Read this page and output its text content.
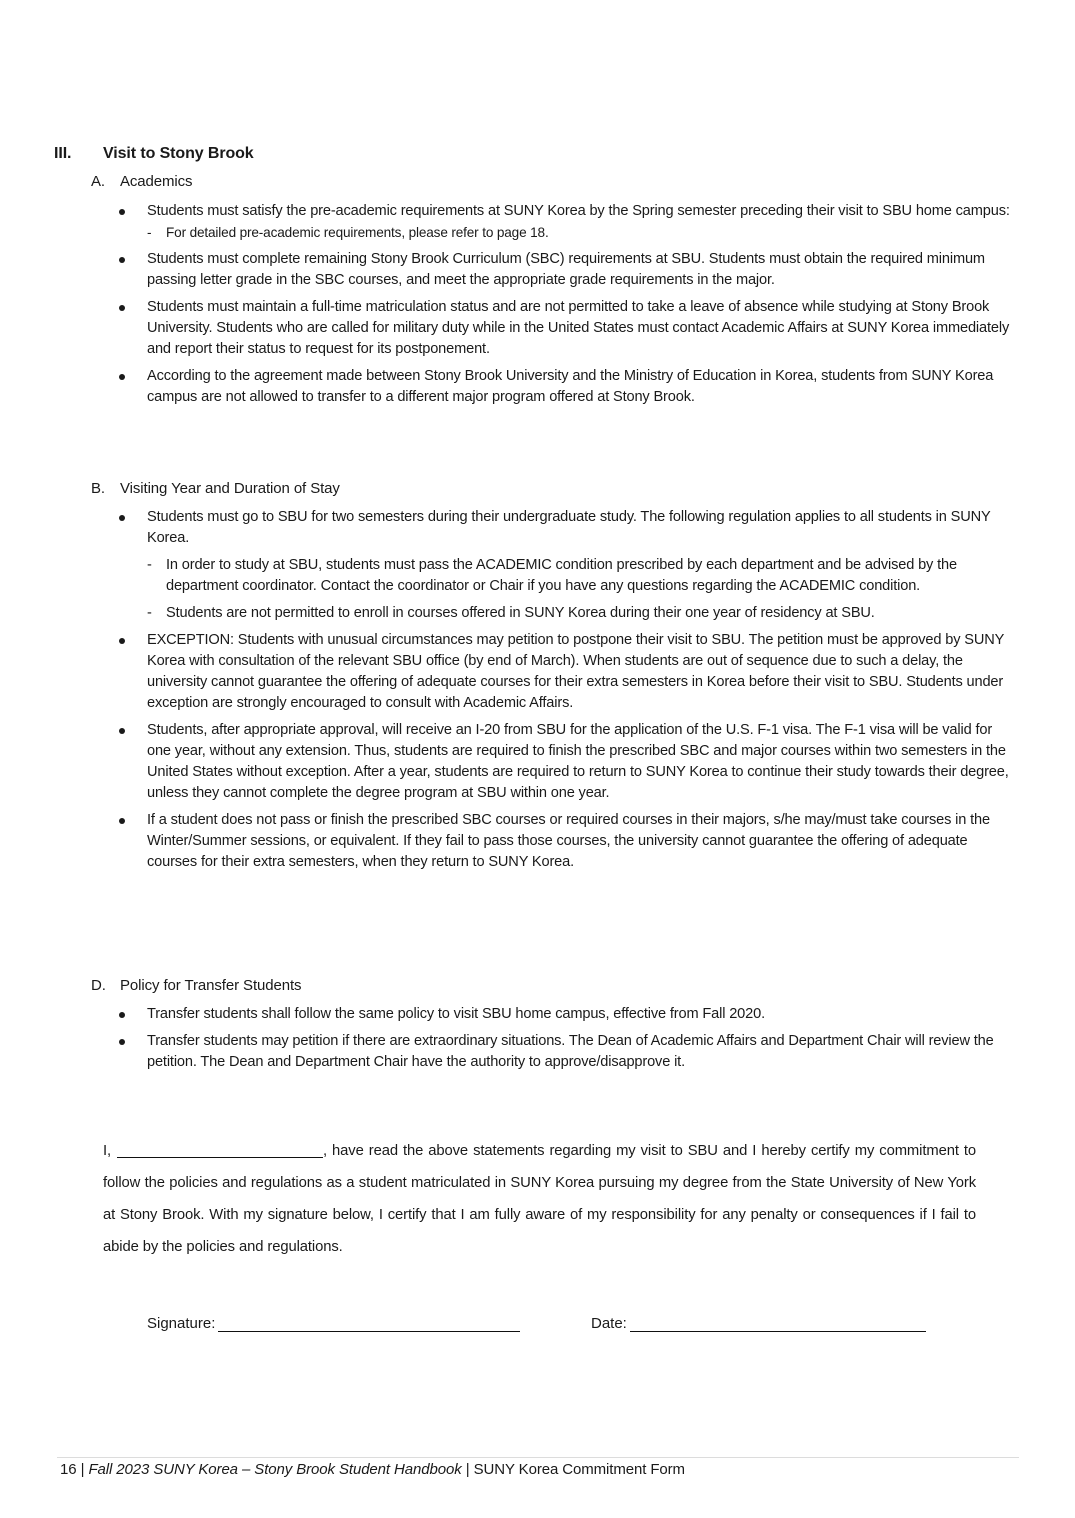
III. Visit to Stony Brook
A. Academics
Students must satisfy the pre-academic requirements at SUNY Korea by the Spring semester preceding their visit to SBU home campus:
- For detailed pre-academic requirements, please refer to page 18.
Students must complete remaining Stony Brook Curriculum (SBC) requirements at SBU. Students must obtain the required minimum passing letter grade in the SBC courses, and meet the appropriate grade requirements in the major.
Students must maintain a full-time matriculation status and are not permitted to take a leave of absence while studying at Stony Brook University. Students who are called for military duty while in the United States must contact Academic Affairs at SUNY Korea immediately and report their status to request for its postponement.
According to the agreement made between Stony Brook University and the Ministry of Education in Korea, students from SUNY Korea campus are not allowed to transfer to a different major program offered at Stony Brook.
B. Visiting Year and Duration of Stay
Students must go to SBU for two semesters during their undergraduate study. The following regulation applies to all students in SUNY Korea.
- In order to study at SBU, students must pass the ACADEMIC condition prescribed by each department and be advised by the department coordinator. Contact the coordinator or Chair if you have any questions regarding the ACADEMIC condition.
- Students are not permitted to enroll in courses offered in SUNY Korea during their one year of residency at SBU.
EXCEPTION: Students with unusual circumstances may petition to postpone their visit to SBU. The petition must be approved by SUNY Korea with consultation of the relevant SBU office (by end of March). When students are out of sequence due to such a delay, the university cannot guarantee the offering of adequate courses for their extra semesters in Korea before their visit to SBU. Students under exception are strongly encouraged to consult with Academic Affairs.
Students, after appropriate approval, will receive an I-20 from SBU for the application of the U.S. F-1 visa. The F-1 visa will be valid for one year, without any extension. Thus, students are required to finish the prescribed SBC and major courses within two semesters in the United States without exception. After a year, students are required to return to SUNY Korea to continue their study towards their degree, unless they cannot complete the degree program at SBU within one year.
If a student does not pass or finish the prescribed SBC courses or required courses in their majors, s/he may/must take courses in the Winter/Summer sessions, or equivalent. If they fail to pass those courses, the university cannot guarantee the offering of adequate courses for their extra semesters, when they return to SUNY Korea.
D. Policy for Transfer Students
Transfer students shall follow the same policy to visit SBU home campus, effective from Fall 2020.
Transfer students may petition if there are extraordinary situations. The Dean of Academic Affairs and Department Chair will review the petition. The Dean and Department Chair have the authority to approve/disapprove it.

I,	, have read the above statements regarding my visit to SBU and I hereby certify my commitment to follow the policies and regulations as a student matriculated in SUNY Korea pursuing my degree from the State University of New York at Stony Brook. With my signature below, I certify that I am fully aware of my responsibility for any penalty or consequences if I fail to abide by the policies and regulations.

Signature:	Date:
16 | Fall 2023 SUNY Korea – Stony Brook Student Handbook | SUNY Korea Commitment Form
